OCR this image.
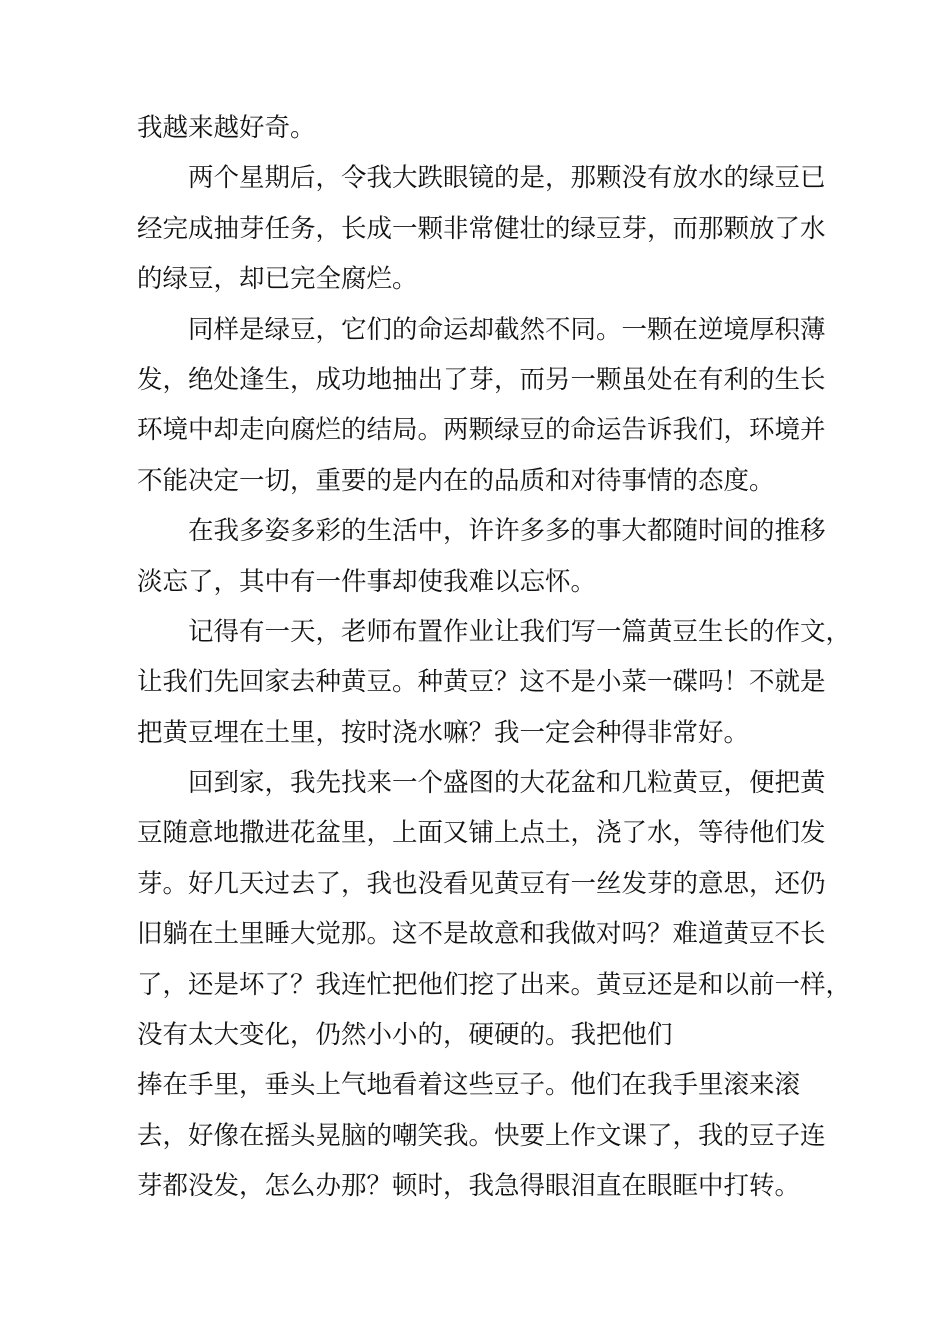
我越来越好奇。
两个星期后，令我大跌眼镜的是，那颗没有放水的绿豆已
经完成抽芽任务，长成一颗非常健壮的绿豆芽，而那颗放了水
的绿豆，却已完全腐烂。
同样是绿豆，它们的命运却截然不同。一颗在逆境厚积薄
发，绝处逢生，成功地抽出了芽，而另一颗虽处在有利的生长
环境中却走向腐烂的结局。两颗绿豆的命运告诉我们，环境并
不能决定一切，重要的是内在的品质和对待事情的态度。
在我多姿多彩的生活中，许许多多的事大都随时间的推移
淡忘了，其中有一件事却使我难以忘怀。
记得有一天，老师布置作业让我们写一篇黄豆生长的作文，
让我们先回家去种黄豆。种黄豆？这不是小菜一碟吗！不就是
把黄豆埋在土里，按时浇水嘛？我一定会种得非常好。
回到家，我先找来一个盛图的大花盆和几粒黄豆，便把黄
豆随意地撒进花盆里，上面又铺上点土，浇了水，等待他们发
芽。好几天过去了，我也没看见黄豆有一丝发芽的意思，还仍
旧躺在土里睡大觉那。这不是故意和我做对吗？难道黄豆不长
了，还是坏了？我连忙把他们挖了出来。黄豆还是和以前一样，
没有太大变化，仍然小小的，硬硬的。我把他们
捧在手里，垂头上气地看着这些豆子。他们在我手里滚来滚
去，好像在摇头晃脑的嘲笑我。快要上作文课了，我的豆子连
芽都没发，怎么办那？顿时，我急得眼泪直在眼眶中打转。
